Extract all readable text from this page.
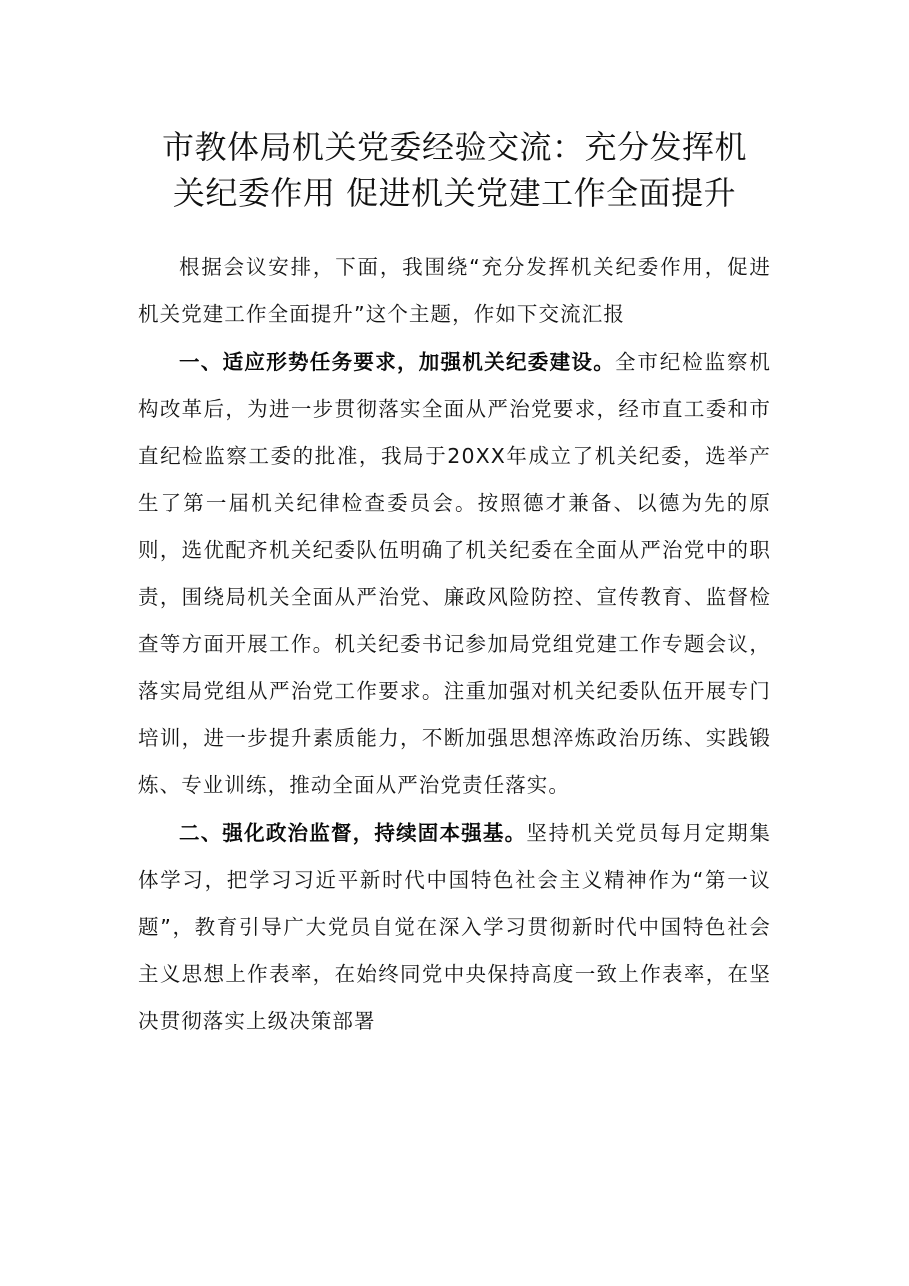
市教体局机关党委经验交流：充分发挥机
关纪委作用 促进机关党建工作全面提升

根据会议安排，下面，我围绕“充分发挥机关纪委作用，促进机关党建工作全面提升”这个主题，作如下交流汇报

一、适应形势任务要求，加强机关纪委建设。全市纪检监察机构改革后，为进一步贯彻落实全面从严治党要求，经市直工委和市直纪检监察工委的批准，我局于20XX年成立了机关纪委，选举产生了第一届机关纪律检查委员会。按照德才兼备、以德为先的原则，选优配齐机关纪委队伍明确了机关纪委在全面从严治党中的职责，围绕局机关全面从严治党、廉政风险防控、宣传教育、监督检查等方面开展工作。机关纪委书记参加局党组党建工作专题会议，落实局党组从严治党工作要求。注重加强对机关纪委队伍开展专门培训，进一步提升素质能力，不断加强思想淬炼政治历练、实践锻炼、专业训练，推动全面从严治党责任落实。

二、强化政治监督，持续固本强基。坚持机关党员每月定期集体学习，把学习习近平新时代中国特色社会主义精神作为“第一议题”，教育引导广大党员自觉在深入学习贯彻新时代中国特色社会主义思想上作表率，在始终同党中央保持高度一致上作表率，在坚决贯彻落实上级决策部署
